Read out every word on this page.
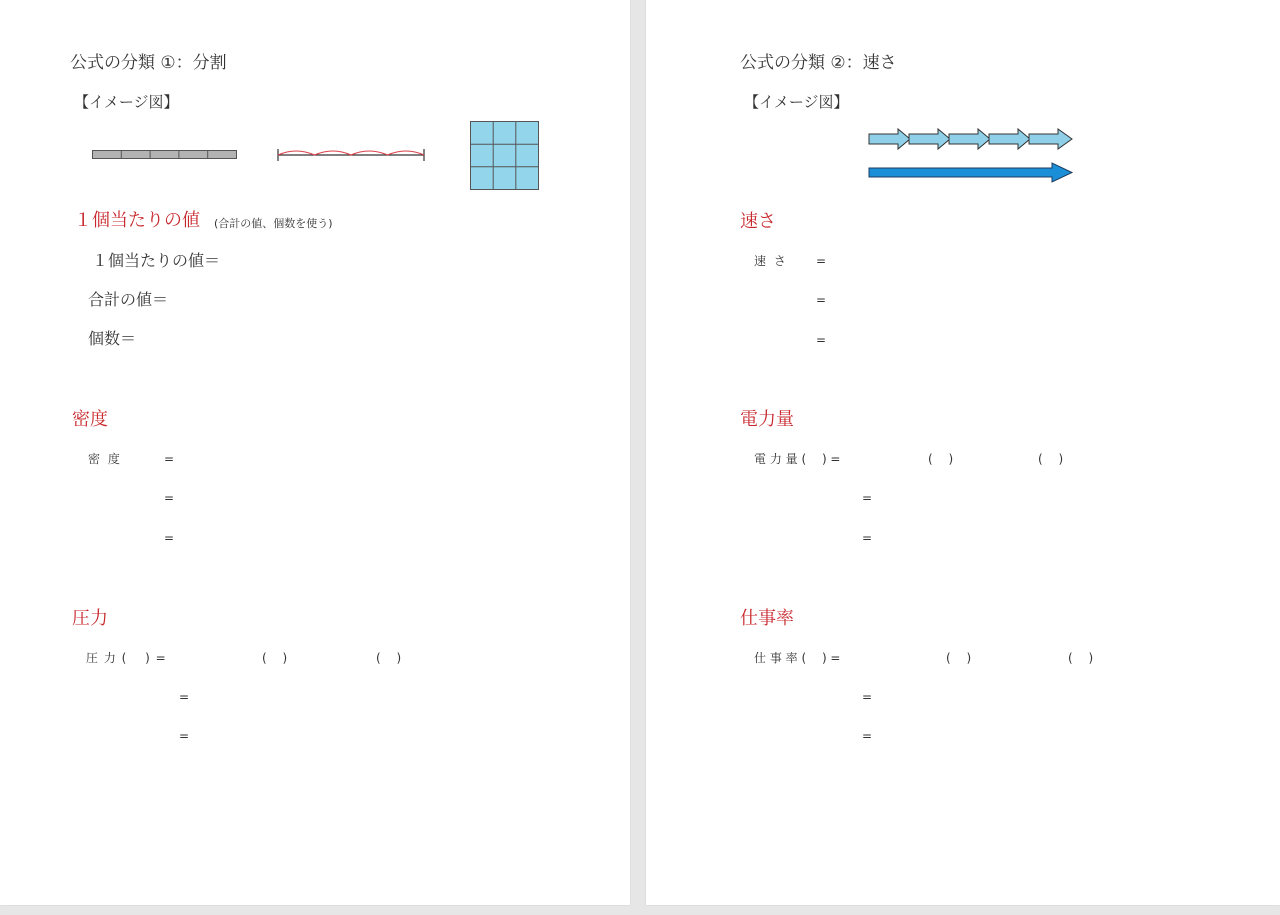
公式の分類 ①：分割
【イメージ図】
１個当たりの値 (合計の値、個数を使う)
１個当たりの値＝
合計の値＝
個数＝
密度
密 度	=
=
=
圧力
圧 力 (　 ) =	(　 )	(　 )
=
=
公式の分類 ②：速さ
【イメージ図】
速さ
速 さ =
=
=
電力量
電 力 量 (　 ) =	(　 )	(　 )
=
=
仕事率
仕 事 率 (　 ) =	(　 )	(　 )
=
=
